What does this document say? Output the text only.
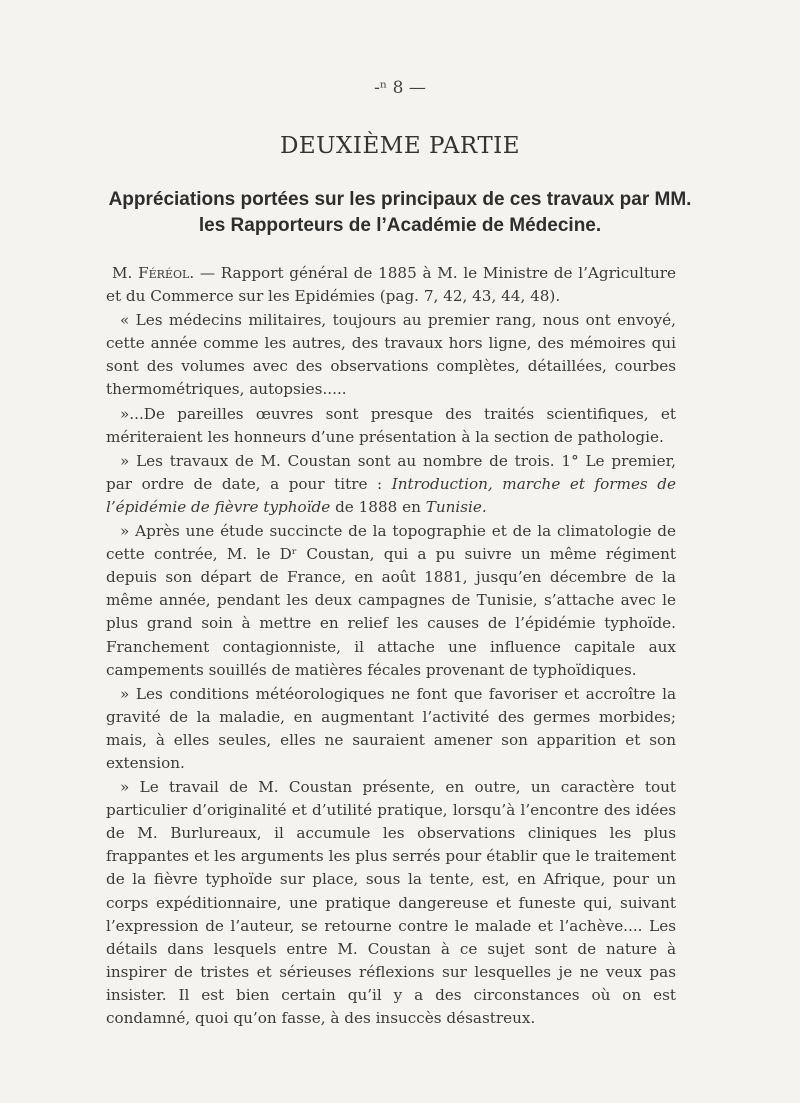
-ⁿ 8 —
DEUXIÈME PARTIE
Appréciations portées sur les principaux de ces travaux par MM. les Rapporteurs de l’Académie de Médecine.

M. Féréol. — Rapport général de 1885 à M. le Ministre de l’Agriculture et du Commerce sur les Epidémies (pag. 7, 42, 43, 44, 48).

« Les médecins militaires, toujours au premier rang, nous ont envoyé, cette année comme les autres, des travaux hors ligne, des mémoires qui sont des volumes avec des observations complètes, détaillées, courbes thermométriques, autopsies.....

»...De pareilles œuvres sont presque des traités scientifiques, et mériteraient les honneurs d’une présentation à la section de pathologie.

» Les travaux de M. Coustan sont au nombre de trois. 1° Le premier, par ordre de date, a pour titre : Introduction, marche et formes de l’épidémie de fièvre typhoïde de 1888 en Tunisie.

» Après une étude succincte de la topographie et de la climatologie de cette contrée, M. le Dʳ Coustan, qui a pu suivre un même régiment depuis son départ de France, en août 1881, jusqu’en décembre de la même année, pendant les deux campagnes de Tunisie, s’attache avec le plus grand soin à mettre en relief les causes de l’épidémie typhoïde. Franchement contagionniste, il attache une influence capitale aux campements souillés de matières fécales provenant de typhoïdiques.

» Les conditions météorologiques ne font que favoriser et accroître la gravité de la maladie, en augmentant l’activité des germes morbides; mais, à elles seules, elles ne sauraient amener son apparition et son extension.

» Le travail de M. Coustan présente, en outre, un caractère tout particulier d’originalité et d’utilité pratique, lorsqu’à l’encontre des idées de M. Burlureaux, il accumule les observations cliniques les plus frappantes et les arguments les plus serrés pour établir que le traitement de la fièvre typhoïde sur place, sous la tente, est, en Afrique, pour un corps expéditionnaire, une pratique dangereuse et funeste qui, suivant l’expression de l’auteur, se retourne contre le malade et l’achève.... Les détails dans lesquels entre M. Coustan à ce sujet sont de nature à inspirer de tristes et sérieuses réflexions sur lesquelles je ne veux pas insister. Il est bien certain qu’il y a des circonstances où on est condamné, quoi qu’on fasse, à des insuccès désastreux.
